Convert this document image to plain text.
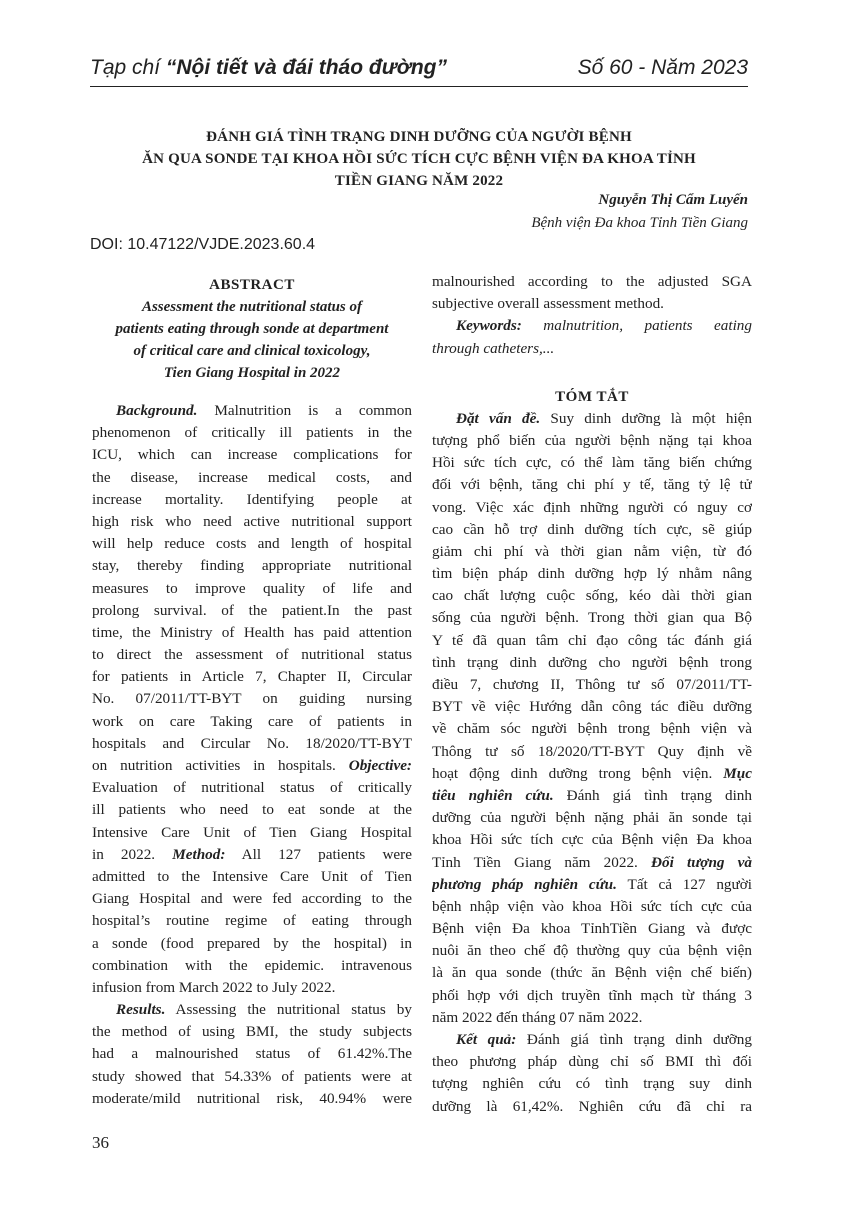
Tạp chí “Nội tiết và đái tháo đường”	Số 60 - Năm 2023
ĐÁNH GIÁ TÌNH TRẠNG DINH DƯỠNG CỦA NGƯỜI BỆNH
ĂN QUA SONDE TẠI KHOA HỒI SỨC TÍCH CỰC BỆNH VIỆN ĐA KHOA TỈNH
TIỀN GIANG NĂM 2022
Nguyễn Thị Cẩm Luyến
Bệnh viện Đa khoa Tỉnh Tiền Giang
DOI: 10.47122/VJDE.2023.60.4
ABSTRACT
Assessment the nutritional status of
patients eating through sonde at department
of critical care and clinical toxicology,
Tien Giang Hospital in 2022
Background. Malnutrition is a common
phenomenon of critically ill patients in the
ICU, which can increase complications for
the disease, increase medical costs, and
increase mortality. Identifying people at
high risk who need active nutritional support
will help reduce costs and length of hospital
stay, thereby finding appropriate nutritional
measures to improve quality of life and
prolong survival. of the patient.In the past
time, the Ministry of Health has paid attention
to direct the assessment of nutritional status
for patients in Article 7, Chapter II, Circular
No. 07/2011/TT-BYT on guiding nursing
work on care Taking care of patients in
hospitals and Circular No. 18/2020/TT-BYT
on nutrition activities in hospitals. Objective:
Evaluation of nutritional status of critically
ill patients who need to eat sonde at the
Intensive Care Unit of Tien Giang Hospital
in 2022. Method: All 127 patients were
admitted to the Intensive Care Unit of Tien
Giang Hospital and were fed according to the
hospital’s routine regime of eating through
a sonde (food prepared by the hospital) in
combination with the epidemic. intravenous
infusion from March 2022 to July 2022.
Results. Assessing the nutritional status by
the method of using BMI, the study subjects
had a malnourished status of 61.42%.The
study showed that 54.33% of patients were at
moderate/mild nutritional risk, 40.94% were
malnourished according to the adjusted SGA
subjective overall assessment method.
Keywords: malnutrition, patients eating
through catheters,...
TÓM TẮT
Đặt vấn đề. Suy dinh dưỡng là một hiện
tượng phổ biến của người bệnh nặng tại khoa
Hồi sức tích cực, có thể làm tăng biến chứng
đối với bệnh, tăng chi phí y tế, tăng tỷ lệ tử
vong. Việc xác định những người có nguy cơ
cao cần hỗ trợ dinh dưỡng tích cực, sẽ giúp
giảm chi phí và thời gian nằm viện, từ đó
tìm biện pháp dinh dưỡng hợp lý nhằm nâng
cao chất lượng cuộc sống, kéo dài thời gian
sống của người bệnh. Trong thời gian qua Bộ
Y tế đã quan tâm chỉ đạo công tác đánh giá
tình trạng dinh dưỡng cho người bệnh trong
điều 7, chương II, Thông tư số 07/2011/TT-
BYT về việc Hướng dẫn công tác điều dưỡng
về chăm sóc người bệnh trong bệnh viện và
Thông tư số 18/2020/TT-BYT Quy định về
hoạt động dinh dưỡng trong bệnh viện. Mục
tiêu nghiên cứu. Đánh giá tình trạng dinh
dưỡng của người bệnh nặng phải ăn sonde tại
khoa Hồi sức tích cực của Bệnh viện Đa khoa
Tỉnh Tiền Giang năm 2022. Đối tượng và
phương pháp nghiên cứu. Tất cả 127 người
bệnh nhập viện vào khoa Hồi sức tích cực của
Bệnh viện Đa khoa TỉnhTiền Giang và được
nuôi ăn theo chế độ thường quy của bệnh viện
là ăn qua sonde (thức ăn Bệnh viện chế biến)
phối hợp với dịch truyền tĩnh mạch từ tháng 3
năm 2022 đến tháng 07 năm 2022.
Kết quả: Đánh giá tình trạng dinh dưỡng
theo phương pháp dùng chỉ số BMI thì đối
tượng nghiên cứu có tình trạng suy dinh
dưỡng là 61,42%. Nghiên cứu đã chỉ ra
36
